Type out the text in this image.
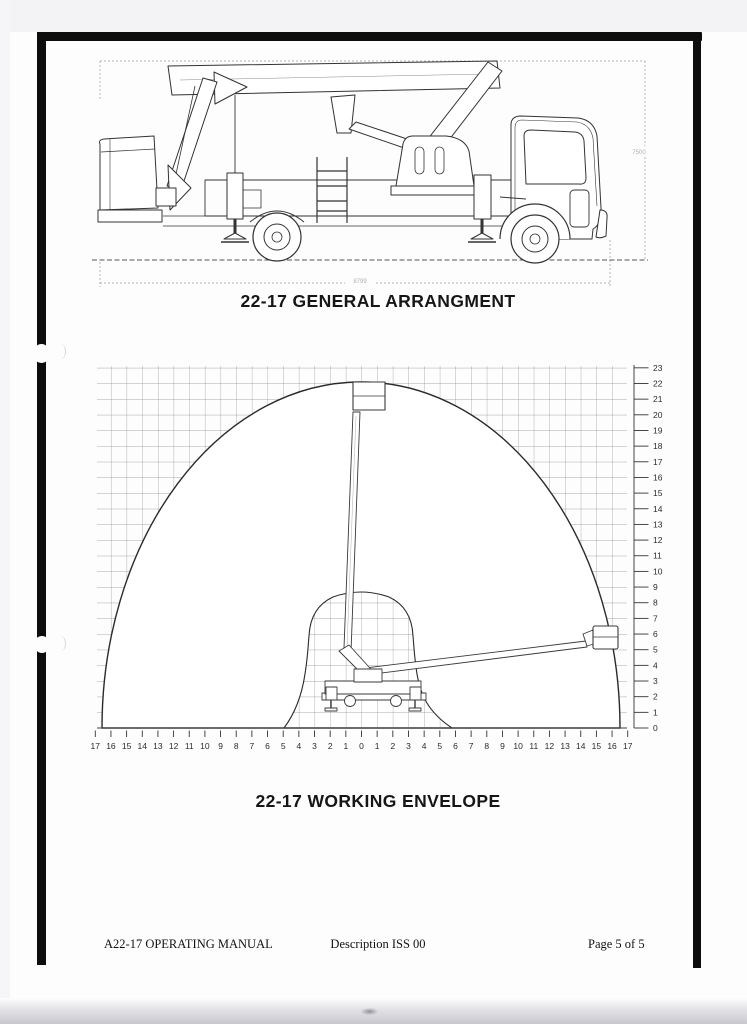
7500
8799
22-17 GENERAL ARRANGMENT
0
1
2
3
4
5
6
7
8
9
10
11
12
13
14
15
16
17
18
19
20
21
22
23
17 16 15 14 13 12 11 10 9 8 7 6 5 4 3 2 1 0 1 2 3 4 5 6 7 8 9 10 11 12 13 14 15 16 17
22-17 WORKING ENVELOPE
A22-17 OPERATING MANUAL	Description ISS 00	Page 5 of 5
